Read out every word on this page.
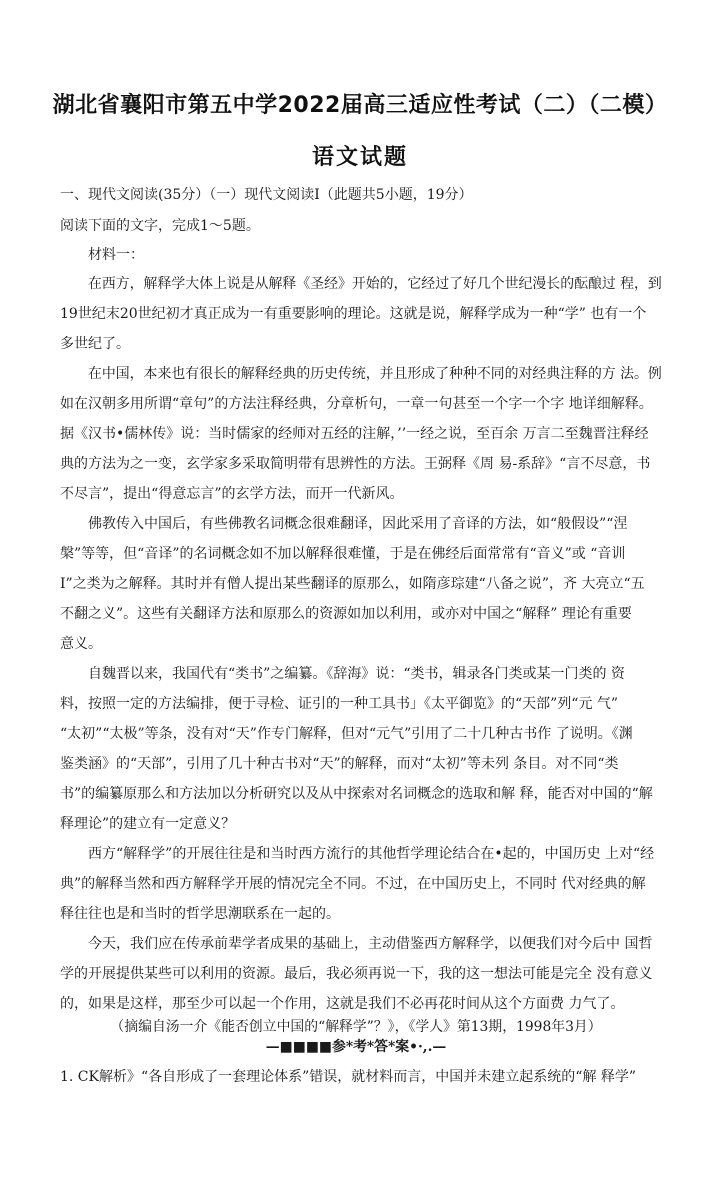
湖北省襄阳市第五中学2022届高三适应性考试（二）（二模）
语文试题
一、现代文阅读(35分）（一）现代文阅读I（此题共5小题，19分）
阅读下面的文字，完成1～5题。
材料一：
在西方，解释学大体上说是从解释《圣经》开始的，它经过了好几个世纪漫长的酝酿过 程，到
19世纪末20世纪初才真正成为一有重要影响的理论。这就是说，解释学成为一种“学” 也有一个
多世纪了。
在中国，本来也有很长的解释经典的历史传统，并且形成了种种不同的对经典注释的方 法。例
如在汉朝多用所谓“章句”的方法注释经典，分章析句，一章一句甚至一个字一个字 地详细解释。
据《汉书•儒林传》说：当时儒家的经师对五经的注解，’’一经之说，至百余 万言二至魏晋注释经
典的方法为之一变，玄学家多采取简明带有思辨性的方法。王弼释《周 易-系辞》“言不尽意，书
不尽言”，提出“得意忘言”的玄学方法，而开一代新风。
佛教传入中国后，有些佛教名词概念很难翻译，因此采用了音译的方法，如“般假设”“涅
槃”等等，但“音译”的名词概念如不加以解释很难懂，于是在佛经后面常常有“音义”或 “音训
I”之类为之解释。其时并有僧人提出某些翻译的原那么，如隋彦琮建“八备之说”，齐 大亮立“五
不翻之义”。这些有关翻译方法和原那么的资源如加以利用，或亦对中国之“解释” 理论有重要
意义。
自魏晋以来，我国代有“类书”之编纂。《辞海》说：“类书，辑录各门类或某一门类的 资
料，按照一定的方法编排，便于寻检、证引的一种工具书」《太平御览》的“天部”列“元 气”
“太初”“太极”等条，没有对“天”作专门解释，但对“元气”引用了二十几种古书作 了说明。《渊
鉴类涵》的“天部”，引用了几十种古书对“天”的解释，而对“太初”等未列 条目。对不同“类
书”的编纂原那么和方法加以分析研究以及从中探索对名词概念的选取和解 释，能否对中国的“解
释理论”的建立有一定意义？
西方“解释学”的开展往往是和当时西方流行的其他哲学理论结合在•起的，中国历史 上对“经
典”的解释当然和西方解释学开展的情况完全不同。不过，在中国历史上，不同时 代对经典的解
释往往也是和当时的哲学思潮联系在一起的。
今天，我们应在传承前辈学者成果的基础上，主动借鉴西方解释学，以便我们对今后中 国哲
学的开展提供某些可以利用的资源。最后，我必须再说一下，我的这一想法可能是完全 没有意义
的，如果是这样，那至少可以起一个作用，这就是我们不必再花时间从这个方面费 力气了。
（摘编自汤一介《能否创立中国的“解释学”？》，《学人》第13期，1998年3月）
—■■■■参*考*答*案•·,.—
1. CK解析》“各自形成了一套理论体系”错误，就材料而言，中国并未建立起系统的“解 释学”
